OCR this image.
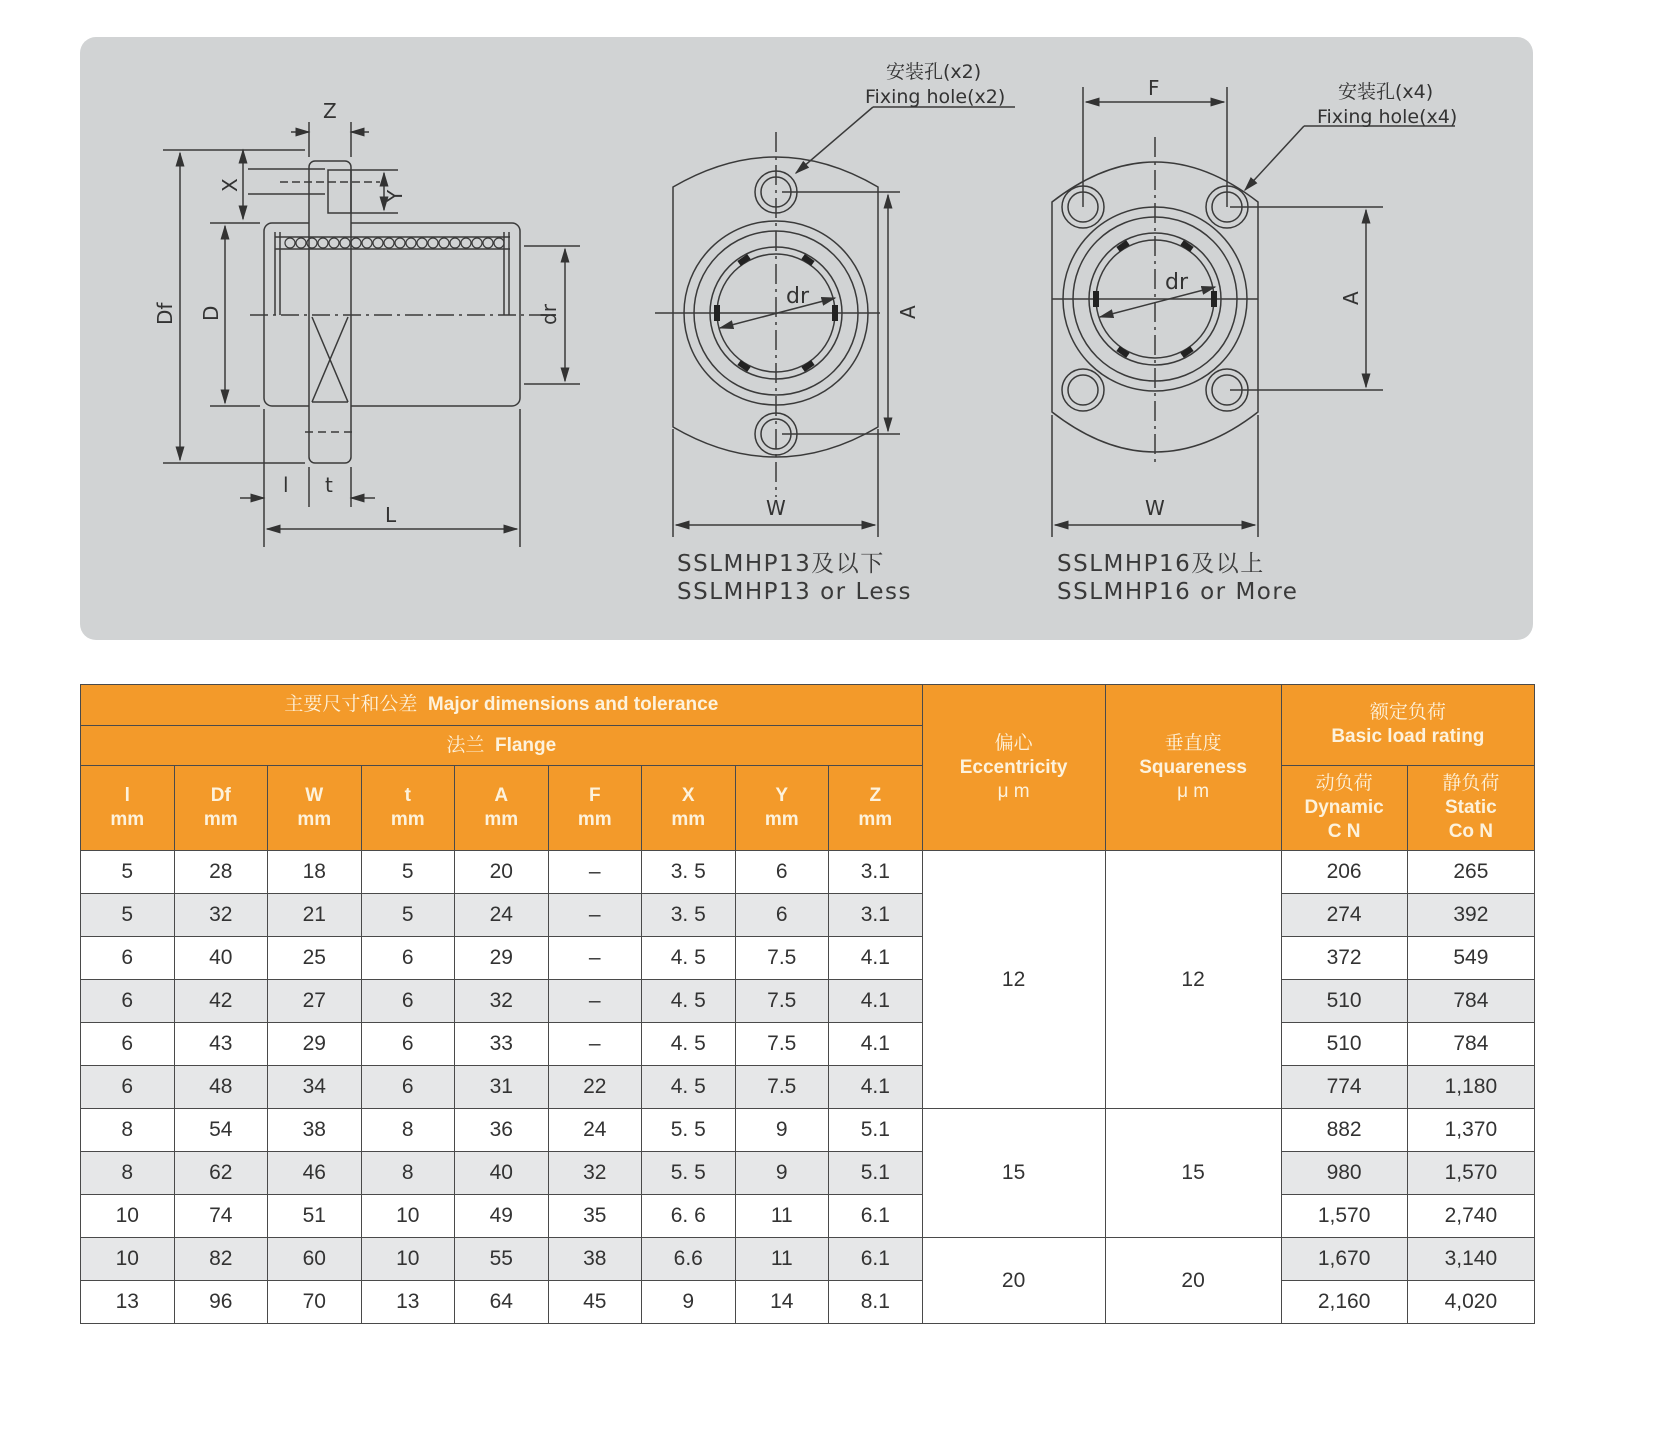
Z
X
Y
Df D	dr
l t
L
安装孔(x2)
Fixing hole(x2)
dr
A
W
安装孔(x4)
Fixing hole(x4)
F
dr
A
W
SSLMHP13及以下
SSLMHP13 or Less
SSLMHP16及以上
SSLMHP16 or More
主要尺寸和公差 Major dimensions and tolerance	
偏心
Eccentricity
μ m

垂直度
Squareness
μ m

额定负荷
Basic load rating

法兰 Flange												

l
mm

Df
mm

W
mm

t
mm

A
mm

F
mm

X
mm

Y
mm

Z
mm

动负荷
Dynamic
C N

静负荷
Static
Co N

5	28	18	5	20	–	3. 5	6	3.1	12	12	206	265
5	32	21	5	24	–	3. 5	6	3.1			274	392
6	40	25	6	29	–	4. 5	7.5	4.1			372	549
6	42	27	6	32	–	4. 5	7.5	4.1			510	784
6	43	29	6	33	–	4. 5	7.5	4.1			510	784
6	48	34	6	31	22	4. 5	7.5	4.1			774	1,180
8	54	38	8	36	24	5. 5	9	5.1	15	15	882	1,370
8	62	46	8	40	32	5. 5	9	5.1			980	1,570
10	74	51	10	49	35	6. 6	11	6.1			1,570	2,740
10	82	60	10	55	38	6.6	11	6.1	20	20	1,670	3,140
13	96	70	13	64	45	9	14	8.1			2,160	4,020
